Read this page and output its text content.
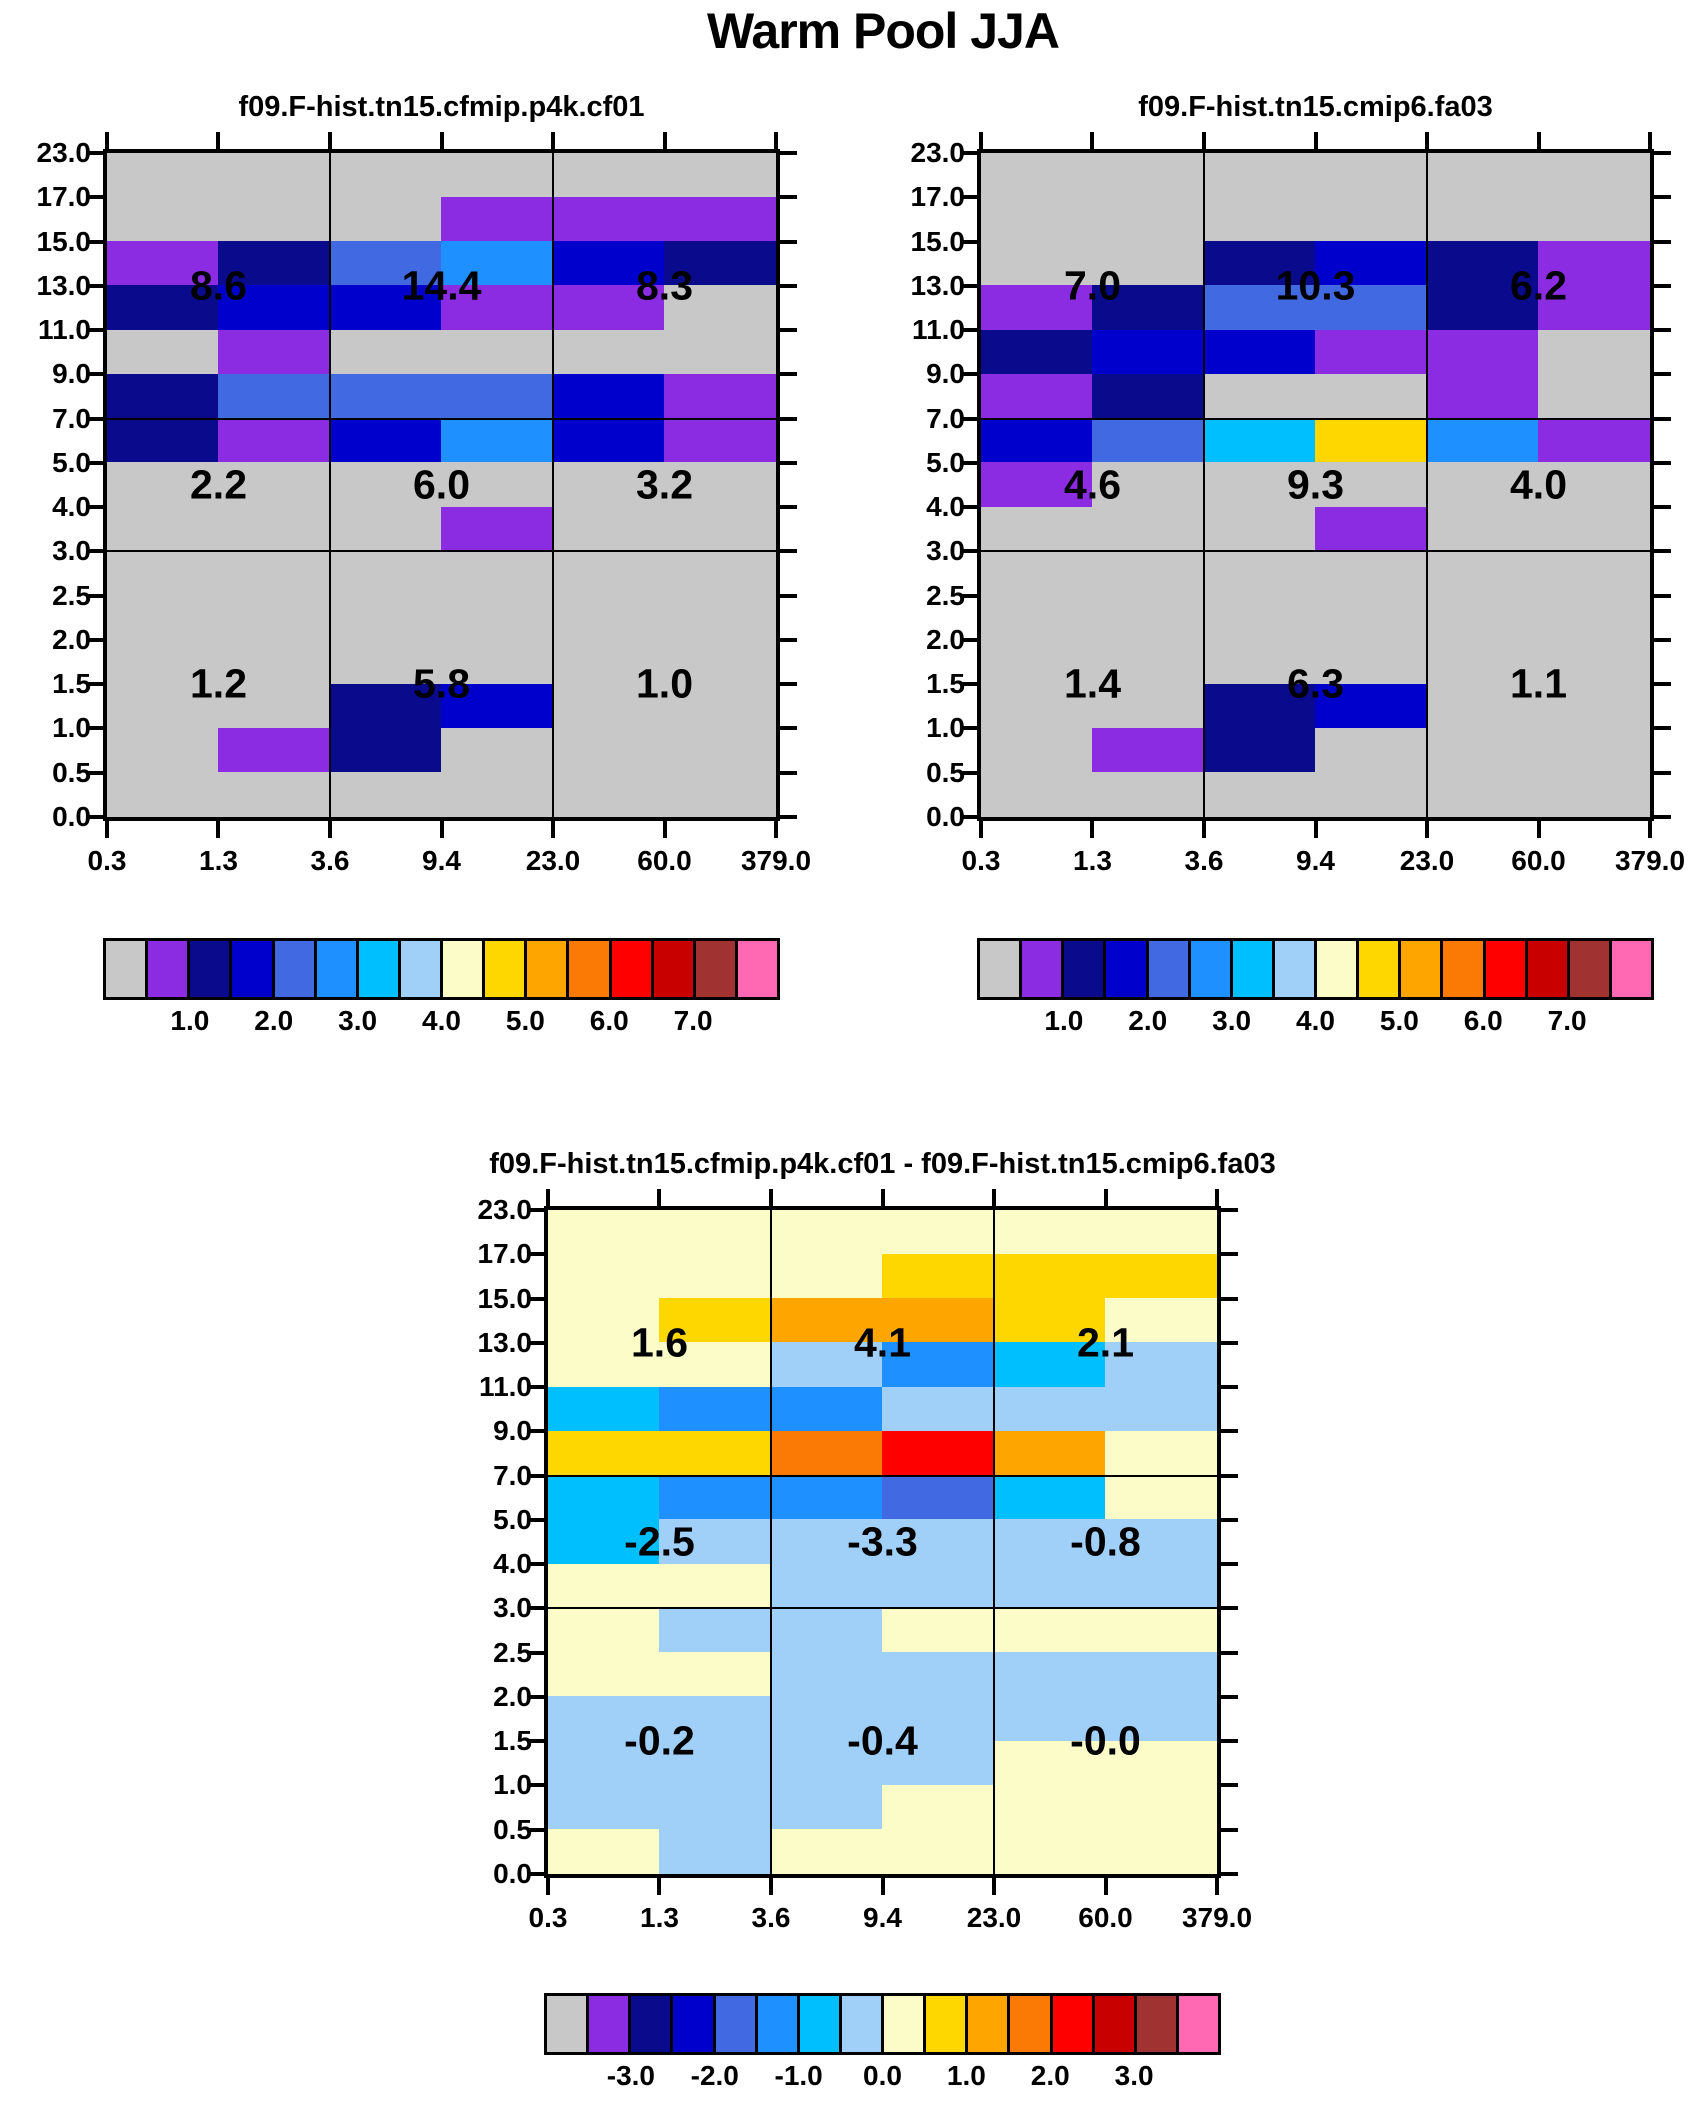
Warm Pool JJA
f09.F-hist.tn15.cfmip.p4k.cf01
0.3	1.3	3.6	9.4 23.0 60.0 379.0
23.0
17.0
15.0
13.0
11.0
9.0
7.0
5.0
4.0
3.0
2.5
2.0
1.5
1.0
0.5
0.0
8.6	14.4	8.3
2.2	6.0	3.2
1.2	5.8	1.0
f09.F-hist.tn15.cmip6.fa03
0.3	1.3	3.6	9.4 23.0 60.0 379.0
23.0
17.0
15.0
13.0
11.0
9.0
7.0
5.0
4.0
3.0
2.5
2.0
1.5
1.0
0.5
0.0
7.0	10.3	6.2
4.6	9.3	4.0
1.4	6.3	1.1
f09.F-hist.tn15.cfmip.p4k.cf01 - f09.F-hist.tn15.cmip6.fa03
0.3	1.3	3.6	9.4 23.0 60.0 379.0
23.0
17.0
15.0
13.0
11.0
9.0
7.0
5.0
4.0
3.0
2.5
2.0
1.5
1.0
0.5
0.0
1.6	4.1	2.1
-2.5	-3.3	-0.8
-0.2	-0.4	-0.0
1.0 2.0 3.0 4.0 5.0 6.0 7.0	1.0 2.0 3.0 4.0 5.0 6.0 7.0
-3.0 -2.0 -1.0 0.0 1.0 2.0 3.0
